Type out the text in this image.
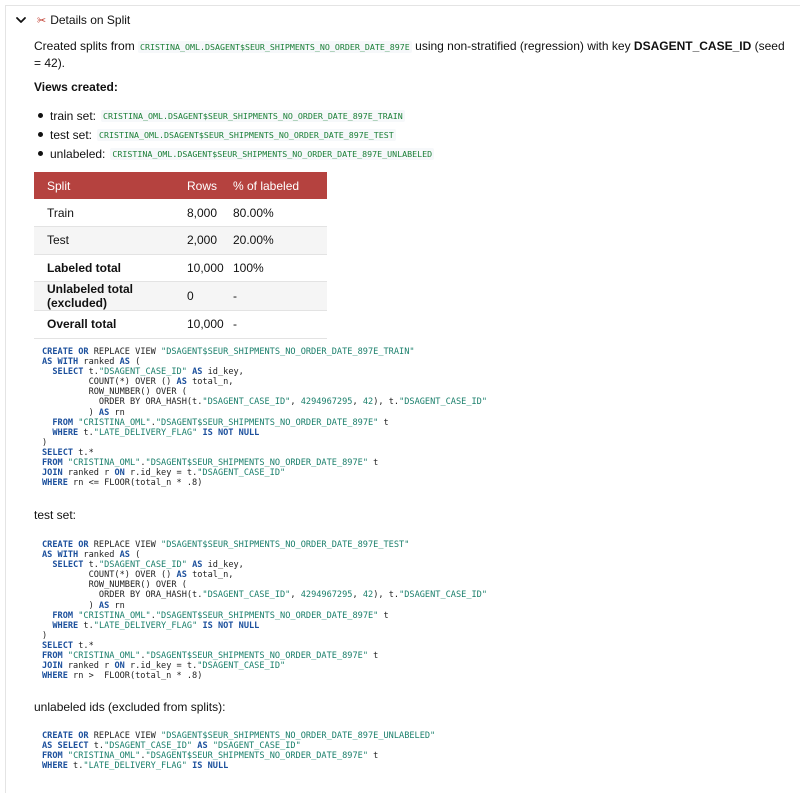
✂ Details on Split
Created splits from CRISTINA_OML.DSAGENT$SEUR_SHIPMENTS_NO_ORDER_DATE_897E using non-stratified (regression) with key DSAGENT_CASE_ID (seed = 42).
Views created:
train set: CRISTINA_OML.DSAGENT$SEUR_SHIPMENTS_NO_ORDER_DATE_897E_TRAIN
test set: CRISTINA_OML.DSAGENT$SEUR_SHIPMENTS_NO_ORDER_DATE_897E_TEST
unlabeled: CRISTINA_OML.DSAGENT$SEUR_SHIPMENTS_NO_ORDER_DATE_897E_UNLABELED
Split	Rows	% of labeled
Train	8,000	80.00%
Test	2,000	20.00%
Labeled total	10,000	100%
Unlabeled total (excluded)	0	-
Overall total	10,000	-
CREATE OR REPLACE VIEW "DSAGENT$SEUR_SHIPMENTS_NO_ORDER_DATE_897E_TRAIN"
AS WITH ranked AS (
SELECT t."DSAGENT_CASE_ID" AS id_key,
COUNT(*) OVER () AS total_n,
ROW_NUMBER() OVER (
ORDER BY ORA_HASH(t."DSAGENT_CASE_ID", 4294967295, 42), t."DSAGENT_CASE_ID"
) AS rn
FROM "CRISTINA_OML"."DSAGENT$SEUR_SHIPMENTS_NO_ORDER_DATE_897E" t
WHERE t."LATE_DELIVERY_FLAG" IS NOT NULL
)
SELECT t.*
FROM "CRISTINA_OML"."DSAGENT$SEUR_SHIPMENTS_NO_ORDER_DATE_897E" t
JOIN ranked r ON r.id_key = t."DSAGENT_CASE_ID"
WHERE rn <= FLOOR(total_n * .8)
test set:
CREATE OR REPLACE VIEW "DSAGENT$SEUR_SHIPMENTS_NO_ORDER_DATE_897E_TEST"
AS WITH ranked AS (
SELECT t."DSAGENT_CASE_ID" AS id_key,
COUNT(*) OVER () AS total_n,
ROW_NUMBER() OVER (
ORDER BY ORA_HASH(t."DSAGENT_CASE_ID", 4294967295, 42), t."DSAGENT_CASE_ID"
) AS rn
FROM "CRISTINA_OML"."DSAGENT$SEUR_SHIPMENTS_NO_ORDER_DATE_897E" t
WHERE t."LATE_DELIVERY_FLAG" IS NOT NULL
)
SELECT t.*
FROM "CRISTINA_OML"."DSAGENT$SEUR_SHIPMENTS_NO_ORDER_DATE_897E" t
JOIN ranked r ON r.id_key = t."DSAGENT_CASE_ID"
WHERE rn >  FLOOR(total_n * .8)
unlabeled ids (excluded from splits):
CREATE OR REPLACE VIEW "DSAGENT$SEUR_SHIPMENTS_NO_ORDER_DATE_897E_UNLABELED"
AS SELECT t."DSAGENT_CASE_ID" AS "DSAGENT_CASE_ID"
FROM "CRISTINA_OML"."DSAGENT$SEUR_SHIPMENTS_NO_ORDER_DATE_897E" t
WHERE t."LATE_DELIVERY_FLAG" IS NULL
